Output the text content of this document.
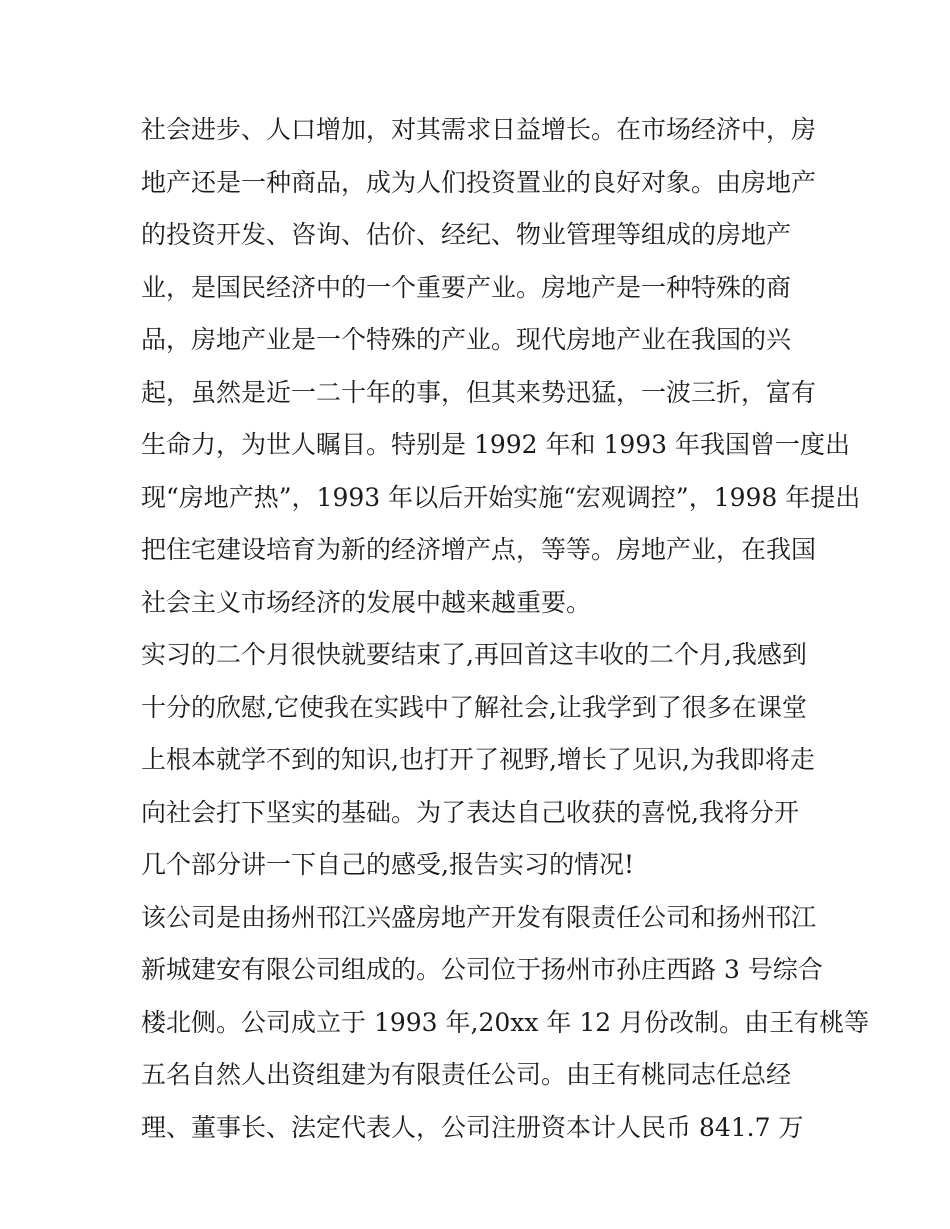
社会进步、人口增加，对其需求日益增长。在市场经济中，房
地产还是一种商品，成为人们投资置业的良好对象。由房地产
的投资开发、咨询、估价、经纪、物业管理等组成的房地产
业，是国民经济中的一个重要产业。房地产是一种特殊的商
品，房地产业是一个特殊的产业。现代房地产业在我国的兴
起，虽然是近一二十年的事，但其来势迅猛，一波三折，富有
生命力，为世人瞩目。特别是 1992 年和 1993 年我国曾一度出
现“房地产热”，1993 年以后开始实施“宏观调控”，1998 年提出
把住宅建设培育为新的经济增产点，等等。房地产业，在我国
社会主义市场经济的发展中越来越重要。
实习的二个月很快就要结束了,再回首这丰收的二个月,我感到
十分的欣慰,它使我在实践中了解社会,让我学到了很多在课堂
上根本就学不到的知识,也打开了视野,增长了见识,为我即将走
向社会打下坚实的基础。为了表达自己收获的喜悦,我将分开
几个部分讲一下自己的感受,报告实习的情况!
该公司是由扬州邗江兴盛房地产开发有限责任公司和扬州邗江
新城建安有限公司组成的。公司位于扬州市孙庄西路 3 号综合
楼北侧。公司成立于 1993 年,20xx 年 12 月份改制。由王有桃等
五名自然人出资组建为有限责任公司。由王有桃同志任总经
理、董事长、法定代表人，公司注册资本计人民币 841.7 万
